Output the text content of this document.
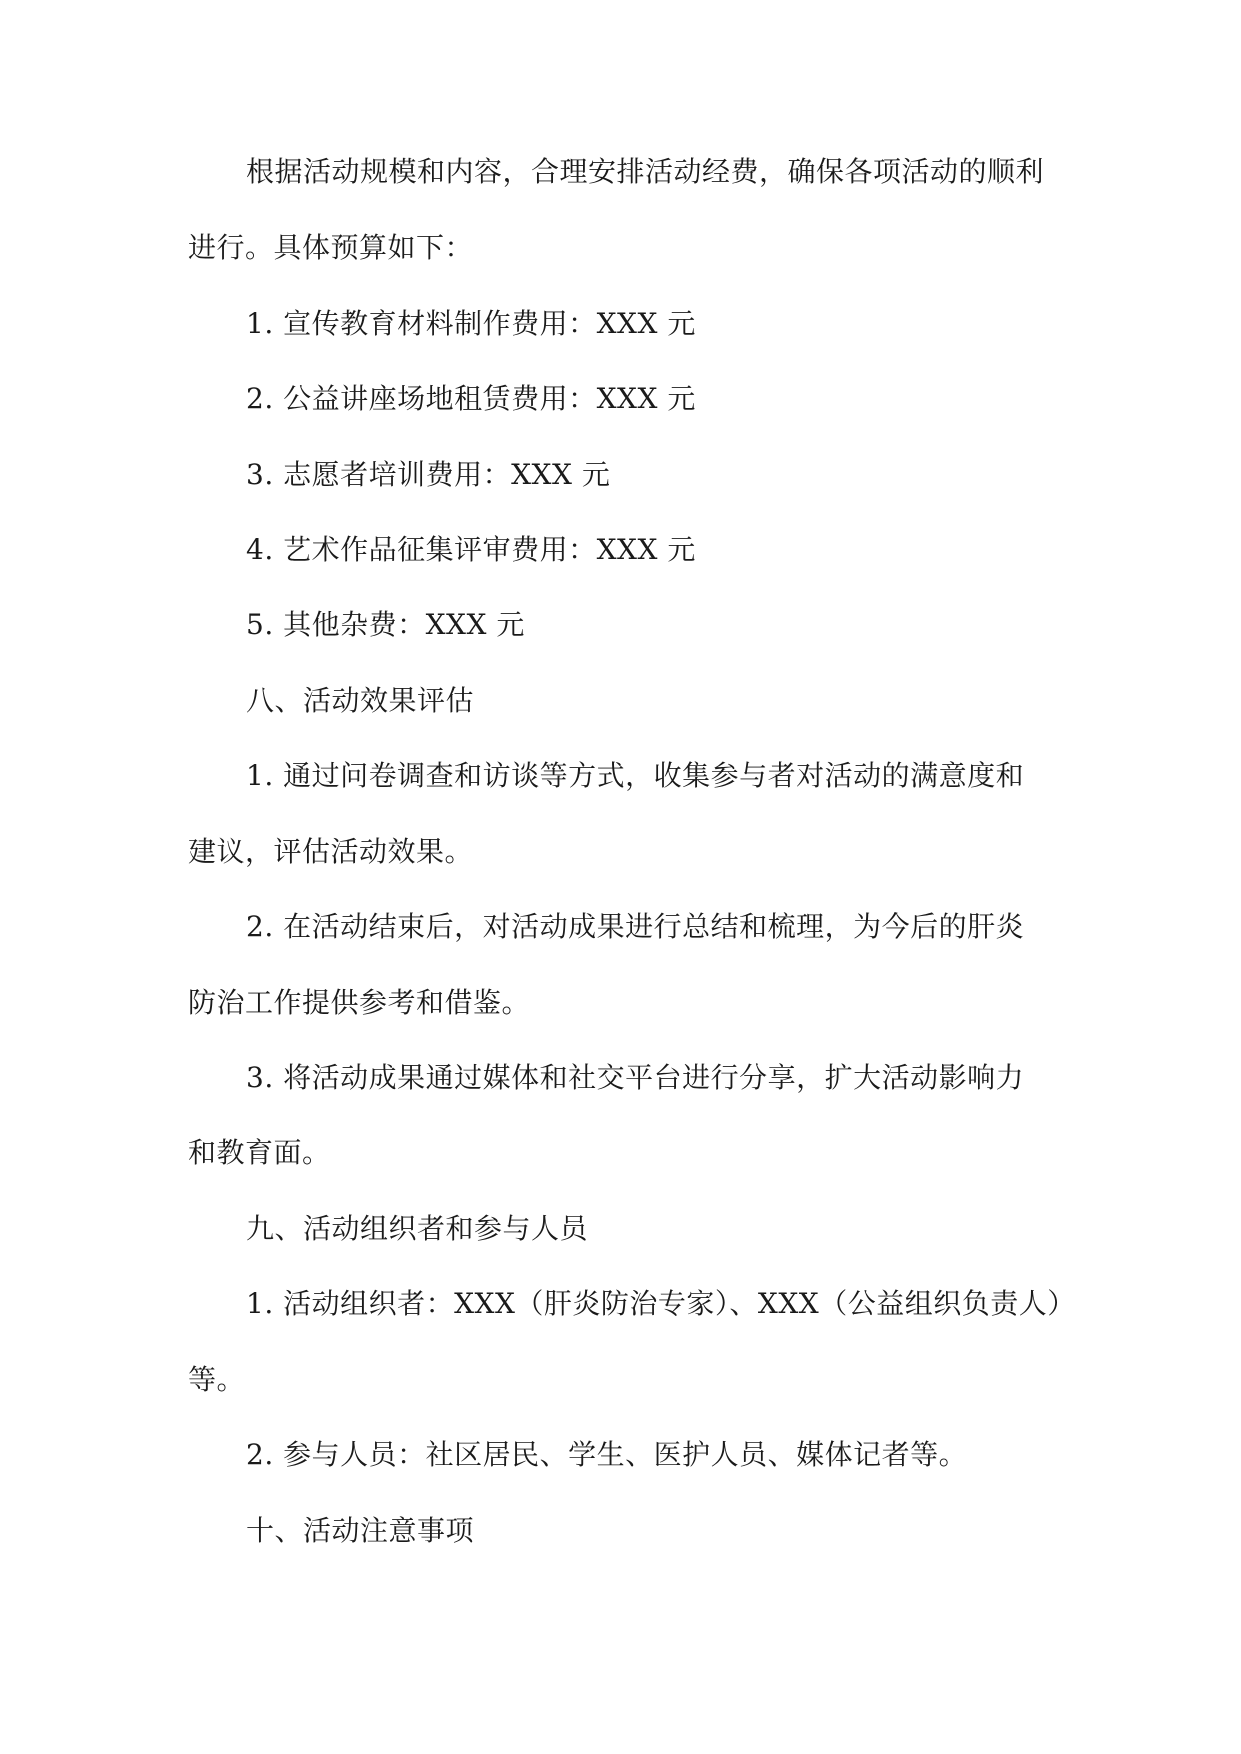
根据活动规模和内容，合理安排活动经费，确保各项活动的顺利
进行。具体预算如下：
1. 宣传教育材料制作费用：XXX 元
2. 公益讲座场地租赁费用：XXX 元
3. 志愿者培训费用：XXX 元
4. 艺术作品征集评审费用：XXX 元
5. 其他杂费：XXX 元
八、活动效果评估
1. 通过问卷调查和访谈等方式，收集参与者对活动的满意度和
建议，评估活动效果。
2. 在活动结束后，对活动成果进行总结和梳理，为今后的肝炎
防治工作提供参考和借鉴。
3. 将活动成果通过媒体和社交平台进行分享，扩大活动影响力
和教育面。
九、活动组织者和参与人员
1. 活动组织者：XXX（肝炎防治专家）、XXX（公益组织负责人）
等。
2. 参与人员：社区居民、学生、医护人员、媒体记者等。
十、活动注意事项
